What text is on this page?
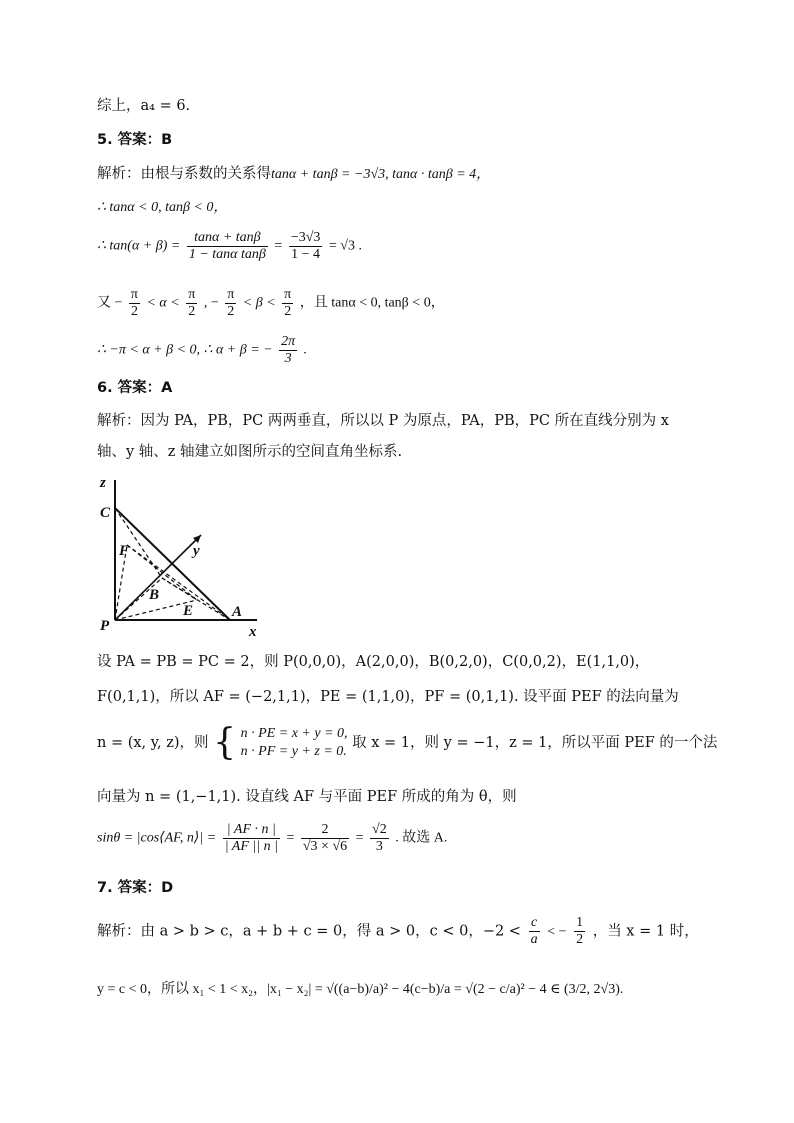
综上，a₄ = 6.
5. 答案：B
解析：由根与系数的关系得tanα + tanβ = −3√3, tanα · tanβ = 4，
∴ tanα < 0, tanβ < 0，
∴ $\tan(\alpha + \beta) = \frac{\tan\alpha + \tan\beta}{\text{1 − tanα tanβ}} = \frac{-3√3}{1 - 4} = √3$ .
又 − $\frac{\pi}{2} < \alpha < \frac{\pi}{2}$ , − $\frac{\pi}{2} < \beta < \frac{\pi}{2}$ ，且 tanα < 0, tanβ < 0，
∴ −π < α + β < 0, ∴ α + β = − $\frac{2\pi}{3}$ .
6. 答案：A
解析：因为 PA，PB，PC 两两垂直，所以以 P 为原点，PA，PB，PC 所在直线分别为 x
轴、y 轴、z 轴建立如图所示的空间直角坐标系.
z
C
F	y
B
E	A
P	x
设 PA = PB = PC = 2，则 P(0,0,0)，A(2,0,0)，B(0,2,0)，C(0,0,2)，E(1,1,0)，
F(0,1,1)，所以 AF = (−2,1,1)，PE = (1,1,0)，PF = (0,1,1). 设平面 PEF 的法向量为
n = (x, y, z)，则 { n · PE = x + y = 0,
n · PF = y + z = 0.
取 x = 1，则 y = −1，z = 1，所以平面 PEF 的一个法
向量为 n = (1,−1,1). 设直线 AF 与平面 PEF 所成的角为 θ，则
sinθ = |cos⟨AF, n⟩| = $\frac{| AF \cdot n |}{| AF || n |} = \frac{2}{√3 \times √6} = \frac{√2}{3}$ . 故选 A.
7. 答案：D
解析：由 a > b > c，a + b + c = 0，得 a > 0，c < 0，$-2 < \frac{c}{a}$ < − $\frac{1}{2}$ ，当 x = 1 时，
y = c < 0，所以 x₁ < 1 < x₂，|x₁ − x₂| = √((a−b)/a)² − 4(c−b)/a = √(2 − c/a)² − 4 ∈ (3/2, 2√3).
